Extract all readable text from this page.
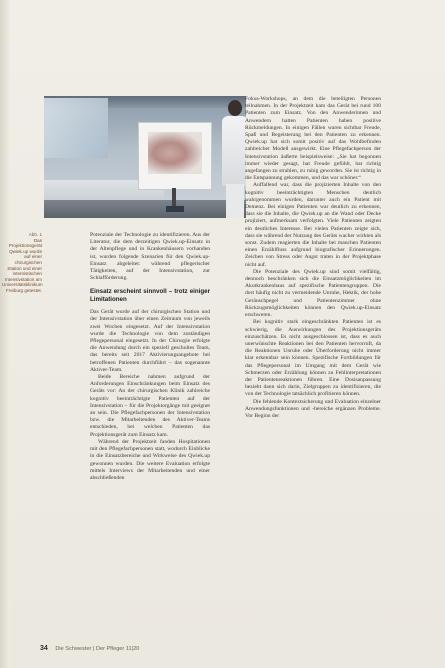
Abb. 1
Das Projektionsgerät Qwiek.up wurde auf einer chirurgischen Station und einer internistischen Intensivstation am Universitätsklinikum Freiburg getestet.

Potenziale der Technologie zu identifizieren. Aus der Literatur, die dem derzeitigen Qwiek.up-Einsatz in der Altenpflege und in Krankenhäusern vorhanden ist, wurden folgende Szenarien für den Qwiek.up-Einsatz abgeleitet: während pflegerischer Tätigkeiten, auf der Intensivstation, zur Schlafförderung.

Einsatz erscheint sinnvoll – trotz einiger Limitationen

Das Gerät wurde auf der chirurgischen Station und der Intensivstation über einen Zeitraum von jeweils zwei Wochen eingesetzt. Auf der Intensivstation wurde die Technologie von dem zuständigen Pflegepersonal eingesetzt. In der Chirurgie erfolgte die Anwendung durch ein speziell geschultes Team, das bereits seit 2017 Aktivierungsangebote bei betroffenen Patienten durchführt – das sogenannte Aktiver-Team.

Beide Bereiche nahmen aufgrund der Anforderungen Einschränkungen beim Einsatz des Geräts vor: An der chirurgischen Klinik zahlreiche kognitiv beeinträchtigte Patienten auf der Intensivstation – für die Projektorgänge mit geeignet an sein. Die Pflegefachpersonen der Intensivstation bzw. die Mitarbeitenden des Aktiver-Teams entschieden, bei welchen Patienten das Projektionsgerät zum Einsatz kam.

Während der Projektzeit fanden Hospitationen mit den Pflegefachpersonen statt, wodurch Einblicke in die Einsatzbereiche und Wirkweise des Qwiek.up gewonnen wurden. Die weitere Evaluation erfolgte mittels Interviews der Mitarbeitenden und einer abschließenden

Fokus-Workshops, an dem die beteiligten Personen teilnahmen. In der Projektzeit kam das Gerät bei rund 100 Patienten zum Einsatz. Von den Anwenderinnen und Anwendern hatten Patienten haben positive Rückmeldungen. In einigen Fällen waren sichtbar Freude, Spaß und Begeisterung bei den Patienten zu erkennen. Qwiek.up hat sich somit positiv auf das Wohlbefinden zahlreicher Modell ausgewirkt. Eine Pflegefachperson der Intensivstation äußerte beispielsweise: „Sie hat begonnen immer wieder gesagt, hat Freude gefühlt, hat richtig angefangen zu strahlen, zu ruhig geworden. Sie ist richtig in die Entspannung gekommen, und das war schöner.“

Auffallend war, dass die projizierten Inhalte von den kognitiv beeinträchtigten Menschen deutlich wahrgenommen wurden, darunter auch ein Patient mit Demenz. Bei einigen Patienten war deutlich zu erkennen, dass sie die Inhalte, die Qwiek.up an die Wand oder Decke projiziert, aufmerksam verfolgten. Viele Patienten zeigten ein deutliches Interesse. Bei vielen Patienten zeigte sich, dass sie während der Nutzung des Geräts wacher wirkten als sonst. Zudem reagierten die Inhalte bei manchen Patienten einen Erzählfluss aufgrund biografischer Erinnerungen. Zeichen von Stress oder Angst traten in der Projektphase nicht auf.

Die Potenziale des Qwiek.up sind somit vielfältig, dennoch beschränken sich die Einsatzmöglichkeiten im Akutkrankenhaus auf spezifische Patientengruppen. Die dort häufig nicht zu vermeidende Unruhe, Hektik, der hohe Geräuschpegel und Patientenzimmer ohne Rückzugsmöglichkeiten können den Qwiek.up-Einsatz erschweren.

Bei kognitiv stark eingeschränkten Patienten ist es schwierig, die Auswirkungen des Projektionsgeräts einzuschätzen. Es nicht ausgeschlossen ist, dass es auch unerwünschte Reaktionen bei den Patienten hervorruft, da die Reaktionen Unruhe oder Überforderung nicht immer klar erkennbar sein können. Spezifische Fortbildungen für das Pflegepersonal im Umgang mit dem Gerät wie Schmerzen oder Erzählung können zu Fehlinterpretationen der Patientenreaktionen führen. Eine Dosisanpassung bezieht dann sich darin, Zielgruppen zu identifizieren, die von der Technologie tatsächlich profitieren können.

Die fehlende Kontextsicherung und Evaluation einzelner Anwendungsfunktionen und -bereiche ergänzen Probleme. Vor Beginn der

34 Die Schwester | Der Pfleger 11|20
